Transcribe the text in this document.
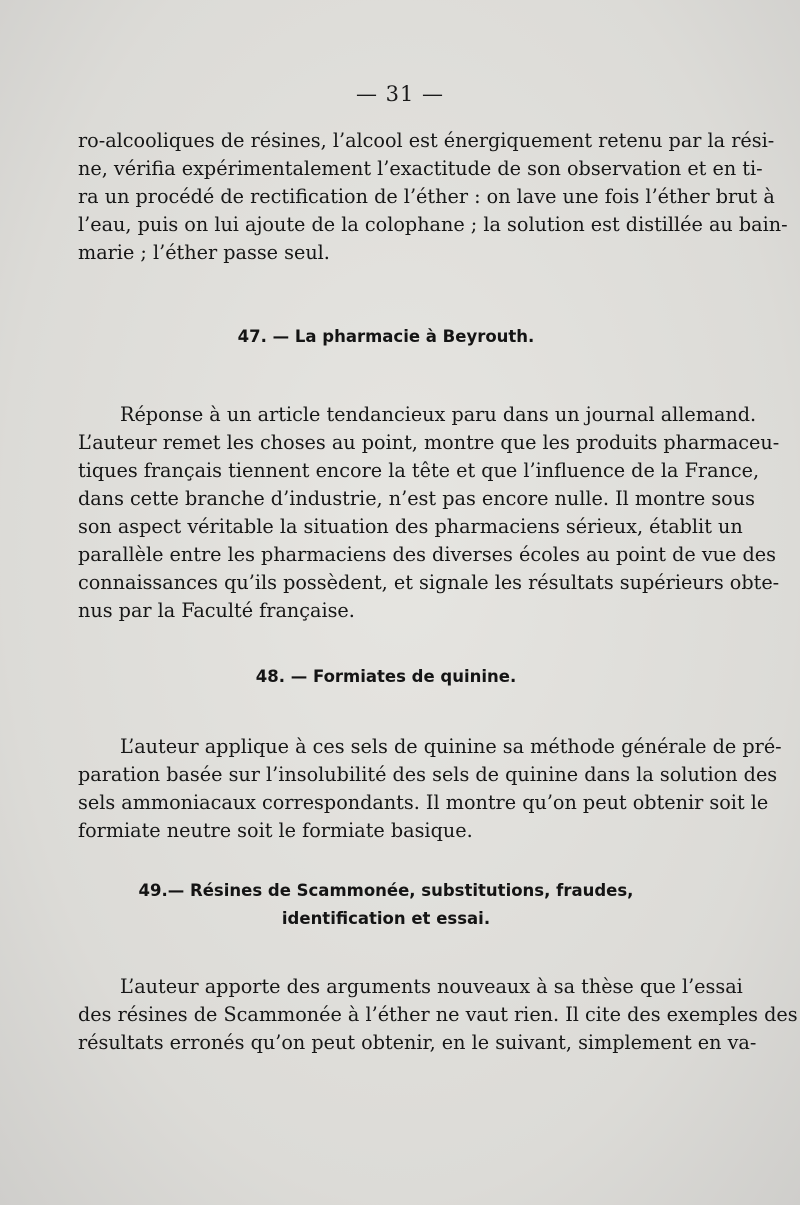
— 31 —

ro-alcooliques de résines, l’alcool est énergiquement retenu par la rési-

ne, vérifia expérimentalement l’exactitude de son observation et en ti-

ra un procédé de rectification de l’éther : on lave une fois l’éther brut à

l’eau, puis on lui ajoute de la colophane ; la solution est distillée au bain-

marie ; l’éther passe seul.

47. — La pharmacie à Beyrouth.

Réponse à un article tendancieux paru dans un journal allemand.

L’auteur remet les choses au point, montre que les produits pharmaceu-

tiques français tiennent encore la tête et que l’influence de la France,

dans cette branche d’industrie, n’est pas encore nulle. Il montre sous

son aspect véritable la situation des pharmaciens sérieux, établit un

parallèle entre les pharmaciens des diverses écoles au point de vue des

connaissances qu’ils possèdent, et signale les résultats supérieurs obte-

nus par la Faculté française.

48. — Formiates de quinine.

L’auteur applique à ces sels de quinine sa méthode générale de pré-

paration basée sur l’insolubilité des sels de quinine dans la solution des

sels ammoniacaux correspondants. Il montre qu’on peut obtenir soit le

formiate neutre soit le formiate basique.

49.— Résines de Scammonée, substitutions, fraudes,
identification et essai.

L’auteur apporte des arguments nouveaux à sa thèse que l’essai

des résines de Scammonée à l’éther ne vaut rien. Il cite des exemples des

résultats erronés qu’on peut obtenir, en le suivant, simplement en va-
